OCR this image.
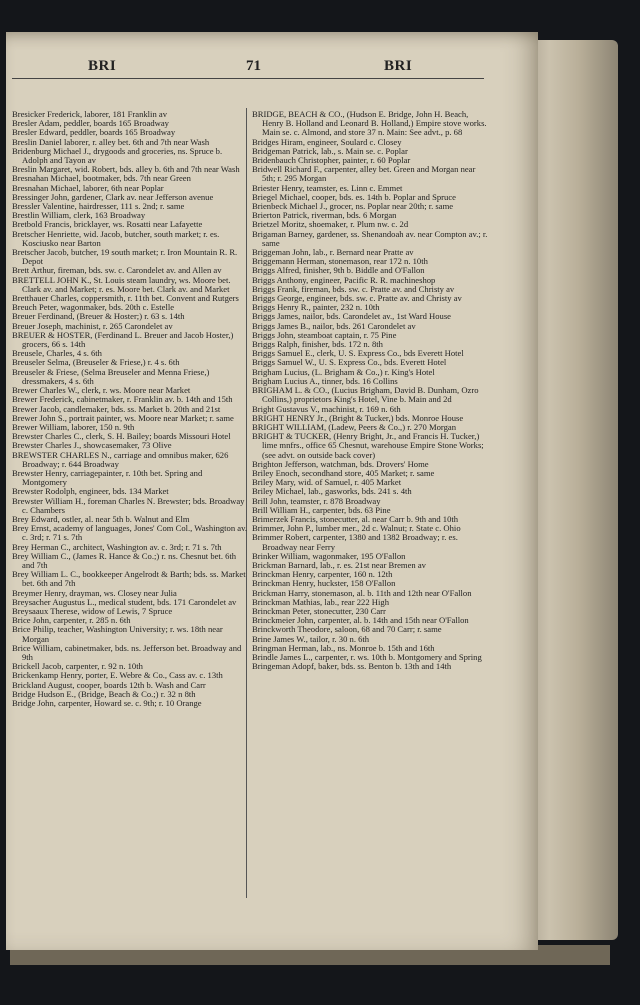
BRI	71	BRI

Bresicker Frederick, laborer, 181 Franklin av

Bresler Adam, peddler, boards 165 Broadway

Bresler Edward, peddler, boards 165 Broadway

Breslin Daniel laborer, r. alley bet. 6th and 7th near Wash

Bridenburg Michael J., drygoods and groceries, ns. Spruce b. Adolph and Tayon av

Breslin Margaret, wid. Robert, bds. alley b. 6th and 7th near Wash

Bresnahan Michael, bootmaker, bds. 7th near Green

Bresnahan Michael, laborer, 6th near Poplar

Bressinger John, gardener, Clark av. near Jefferson avenue

Bressler Valentine, hairdresser, 111 s. 2nd; r. same

Brestlin William, clerk, 163 Broadway

Bretbold Francis, bricklayer, ws. Rosatti near Lafayette

Bretscher Henriette, wid. Jacob, butcher, south market; r. es. Kosciusko near Barton

Bretscher Jacob, butcher, 19 south market; r. Iron Mountain R. R. Depot

Brett Arthur, fireman, bds. sw. c. Carondelet av. and Allen av

BRETTELL JOHN K., St. Louis steam laundry, ws. Moore bet. Clark av. and Market; r. es. Moore bet. Clark av. and Market

Bretthauer Charles, coppersmith, r. 11th bet. Convent and Rutgers

Breuch Peter, wagonmaker, bds. 20th c. Estelle

Breuer Ferdinand, (Breuer & Hoster;) r. 63 s. 14th

Breuer Joseph, machinist, r. 265 Carondelet av

BREUER & HOSTER, (Ferdinand L. Breuer and Jacob Hoster,) grocers, 66 s. 14th

Breusele, Charles, 4 s. 6th

Breuseler Selma, (Breuseler & Friese,) r. 4 s. 6th

Breuseler & Friese, (Selma Breuseler and Menna Friese,) dressmakers, 4 s. 6th

Brewer Charles W., clerk, r. ws. Moore near Market

Brewer Frederick, cabinetmaker, r. Franklin av. b. 14th and 15th

Brewer Jacob, candlemaker, bds. ss. Market b. 20th and 21st

Brewer John S., portrait painter, ws. Moore near Market; r. same

Brewer William, laborer, 150 n. 9th

Brewster Charles C., clerk, S. H. Bailey; boards Missouri Hotel

Brewster Charles J., showcasemaker, 73 Olive

BREWSTER CHARLES N., carriage and omnibus maker, 626 Broadway; r. 644 Broadway

Brewster Henry, carriagepainter, r. 10th bet. Spring and Montgomery

Brewster Rodolph, engineer, bds. 134 Market

Brewster William H., foreman Charles N. Brewster; bds. Broadway c. Chambers

Brey Edward, ostler, al. near 5th b. Walnut and Elm

Brey Ernst, academy of languages, Jones' Com Col., Washington av. c. 3rd; r. 71 s. 7th

Brey Herman C., architect, Washington av. c. 3rd; r. 71 s. 7th

Brey William C., (James R. Hance & Co.;) r. ns. Chesnut bet. 6th and 7th

Brey William L. C., bookkeeper Angelrodt & Barth; bds. ss. Market bet. 6th and 7th

Breymer Henry, drayman, ws. Closey near Julia

Breysacher Augustus L., medical student, bds. 171 Carondelet av

Breysaaux Therese, widow of Lewis, 7 Spruce

Brice John, carpenter, r. 285 n. 6th

Brice Philip, teacher, Washington University; r. ws. 18th near Morgan

Brice William, cabinetmaker, bds. ns. Jefferson bet. Broadway and 9th

Brickell Jacob, carpenter, r. 92 n. 10th

Brickenkamp Henry, porter, E. Webre & Co., Cass av. c. 13th

Brickland August, cooper, boards 12th b. Wash and Carr

Bridge Hudson E., (Bridge, Beach & Co.;) r. 32 n 8th

Bridge John, carpenter, Howard se. c. 9th; r. 10 Orange

BRIDGE, BEACH & CO., (Hudson E. Bridge, John H. Beach, Henry B. Holland and Leonard B. Holland,) Empire stove works. Main se. c. Almond, and store 37 n. Main: See advt., p. 68

Bridges Hiram, engineer, Soulard c. Closey

Bridgeman Patrick, lab., s. Main se. c. Poplar

Bridenbauch Christopher, painter, r. 60 Poplar

Bridwell Richard F., carpenter, alley bet. Green and Morgan near 5th; r. 295 Morgan

Briester Henry, teamster, es. Linn c. Emmet

Briegel Michael, cooper, bds. es. 14th b. Poplar and Spruce

Brienbeck Michael J., grocer, ns. Poplar near 20th; r. same

Brierton Patrick, riverman, bds. 6 Morgan

Brietzel Moritz, shoemaker, r. Plum nw. c. 2d

Brigaman Barney, gardener, ss. Shenandoah av. near Compton av.; r. same

Briggeman John, lab., r. Bernard near Pratte av

Briggemann Herman, stonemason, rear 172 n. 10th

Briggs Alfred, finisher, 9th b. Biddle and O'Fallon

Briggs Anthony, engineer, Pacific R. R. machineshop

Briggs Frank, fireman, bds. sw. c. Pratte av. and Christy av

Briggs George, engineer, bds. sw. c. Pratte av. and Christy av

Briggs Henry R., painter, 232 n. 10th

Briggs James, nailor, bds. Carondelet av., 1st Ward House

Briggs James B., nailor, bds. 261 Carondelet av

Briggs John, steamboat captain, r. 75 Pine

Briggs Ralph, finisher, bds. 172 n. 8th

Briggs Samuel E., clerk, U. S. Express Co., bds Everett Hotel

Briggs Samuel W., U. S. Express Co., bds. Everett Hotel

Brigham Lucius, (L. Brigham & Co.,) r. King's Hotel

Brigham Lucius A., tinner, bds. 16 Collins

BRIGHAM L. & CO., (Lucius Brigham, David B. Dunham, Ozro Collins,) proprietors King's Hotel, Vine b. Main and 2d

Bright Gustavus V., machinist, r. 169 n. 6th

BRIGHT HENRY Jr., (Bright & Tucker,) bds. Monroe House

BRIGHT WILLIAM, (Ladew, Peers & Co.,) r. 270 Morgan

BRIGHT & TUCKER, (Henry Bright, Jr., and Francis H. Tucker,) lime mnfrs., office 65 Chesnut, warehouse Empire Stone Works; (see advt. on outside back cover)

Brighton Jefferson, watchman, bds. Drovers' Home

Briley Enoch, secondhand store, 405 Market; r. same

Briley Mary, wid. of Samuel, r. 405 Market

Briley Michael, lab., gasworks, bds. 241 s. 4th

Brill John, teamster, r. 878 Broadway

Brill William H., carpenter, bds. 63 Pine

Brimerzek Francis, stonecutter, al. near Carr b. 9th and 10th

Brimmer, John P., lumber mer., 2d c. Walnut; r. State c. Ohio

Brimmer Robert, carpenter, 1380 and 1382 Broadway; r. es. Broadway near Ferry

Brinker William, wagonmaker, 195 O'Fallon

Brickman Barnard, lab., r. es. 21st near Bremen av

Brinckman Henry, carpenter, 160 n. 12th

Brinckman Henry, huckster, 158 O'Fallon

Brickman Harry, stonemason, al. b. 11th and 12th near O'Fallon

Brinckman Mathias, lab., rear 222 High

Brinckman Peter, stonecutter, 230 Carr

Brinckmeier John, carpenter, al. b. 14th and 15th near O'Fallon

Brinckworth Theodore, saloon, 68 and 70 Carr; r. same

Brine James W., tailor, r. 30 n. 6th

Bringman Herman, lab., ns. Monroe b. 15th and 16th

Brindle James L., carpenter, r. ws. 10th b. Montgomery and Spring

Bringeman Adopf, baker, bds. ss. Benton b. 13th and 14th
